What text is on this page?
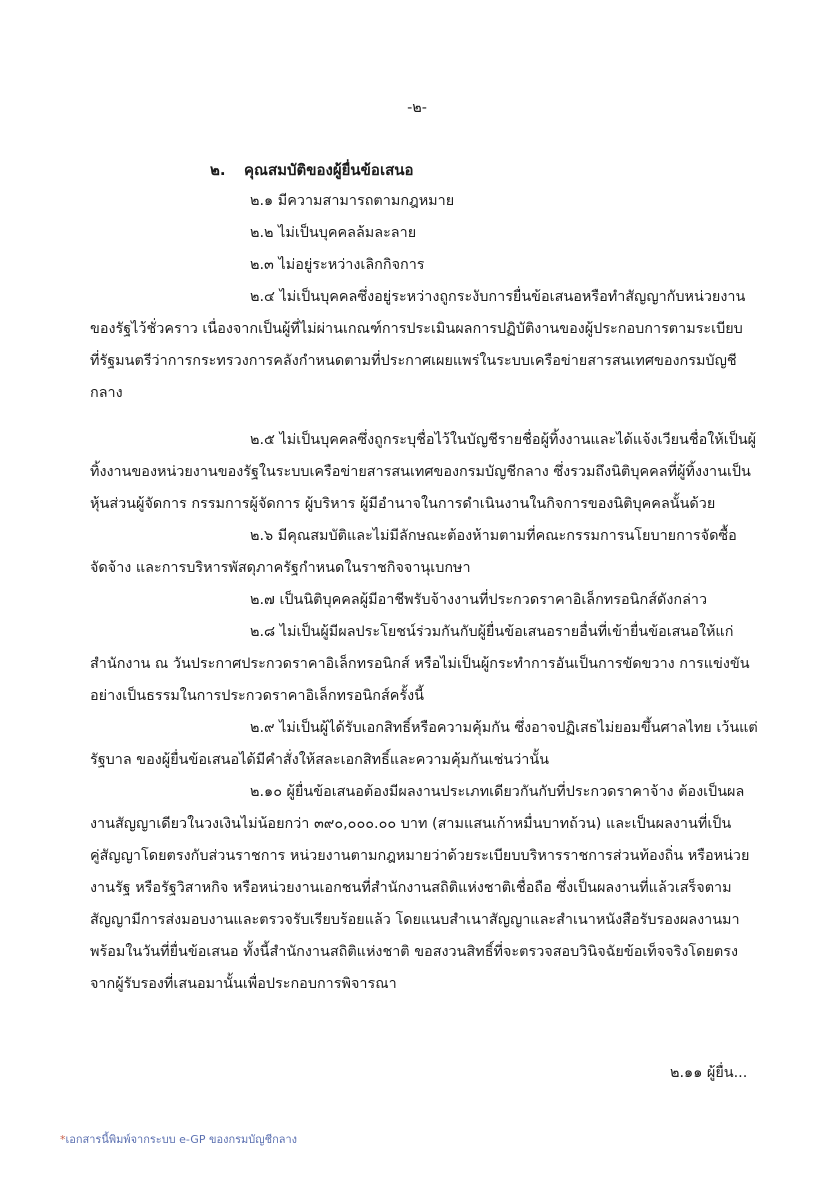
-๒-
๒. คุณสมบัติของผู้ยื่นข้อเสนอ
๒.๑ มีความสามารถตามกฎหมาย
๒.๒ ไม่เป็นบุคคลล้มละลาย
๒.๓ ไม่อยู่ระหว่างเลิกกิจการ
๒.๔ ไม่เป็นบุคคลซึ่งอยู่ระหว่างถูกระงับการยื่นข้อเสนอหรือทำสัญญากับหน่วยงาน
ของรัฐไว้ชั่วคราว เนื่องจากเป็นผู้ที่ไม่ผ่านเกณฑ์การประเมินผลการปฏิบัติงานของผู้ประกอบการตามระเบียบ
ที่รัฐมนตรีว่าการกระทรวงการคลังกำหนดตามที่ประกาศเผยแพร่ในระบบเครือข่ายสารสนเทศของกรมบัญชี
กลาง
๒.๕ ไม่เป็นบุคคลซึ่งถูกระบุชื่อไว้ในบัญชีรายชื่อผู้ทิ้งงานและได้แจ้งเวียนชื่อให้เป็นผู้
ทิ้งงานของหน่วยงานของรัฐในระบบเครือข่ายสารสนเทศของกรมบัญชีกลาง ซึ่งรวมถึงนิติบุคคลที่ผู้ทิ้งงานเป็น
หุ้นส่วนผู้จัดการ กรรมการผู้จัดการ ผู้บริหาร ผู้มีอำนาจในการดำเนินงานในกิจการของนิติบุคคลนั้นด้วย
๒.๖ มีคุณสมบัติและไม่มีลักษณะต้องห้ามตามที่คณะกรรมการนโยบายการจัดซื้อ
จัดจ้าง และการบริหารพัสดุภาครัฐกำหนดในราชกิจจานุเบกษา
๒.๗ เป็นนิติบุคคลผู้มีอาชีพรับจ้างงานที่ประกวดราคาอิเล็กทรอนิกส์ดังกล่าว
๒.๘ ไม่เป็นผู้มีผลประโยชน์ร่วมกันกับผู้ยื่นข้อเสนอรายอื่นที่เข้ายื่นข้อเสนอให้แก่
สำนักงาน ณ วันประกาศประกวดราคาอิเล็กทรอนิกส์ หรือไม่เป็นผู้กระทำการอันเป็นการขัดขวาง การแข่งขัน
อย่างเป็นธรรมในการประกวดราคาอิเล็กทรอนิกส์ครั้งนี้
๒.๙ ไม่เป็นผู้ได้รับเอกสิทธิ์หรือความคุ้มกัน ซึ่งอาจปฏิเสธไม่ยอมขึ้นศาลไทย เว้นแต่
รัฐบาล ของผู้ยื่นข้อเสนอได้มีคำสั่งให้สละเอกสิทธิ์และความคุ้มกันเช่นว่านั้น
๒.๑๐ ผู้ยื่นข้อเสนอต้องมีผลงานประเภทเดียวกันกับที่ประกวดราคาจ้าง ต้องเป็นผล
งานสัญญาเดียวในวงเงินไม่น้อยกว่า ๓๙๐,๐๐๐.๐๐ บาท (สามแสนเก้าหมื่นบาทถ้วน) และเป็นผลงานที่เป็น
คู่สัญญาโดยตรงกับส่วนราชการ หน่วยงานตามกฎหมายว่าด้วยระเบียบบริหารราชการส่วนท้องถิ่น หรือหน่วย
งานรัฐ หรือรัฐวิสาหกิจ หรือหน่วยงานเอกชนที่สำนักงานสถิติแห่งชาติเชื่อถือ ซึ่งเป็นผลงานที่แล้วเสร็จตาม
สัญญามีการส่งมอบงานและตรวจรับเรียบร้อยแล้ว โดยแนบสำเนาสัญญาและสำเนาหนังสือรับรองผลงานมา
พร้อมในวันที่ยื่นข้อเสนอ ทั้งนี้สำนักงานสถิติแห่งชาติ ขอสงวนสิทธิ์ที่จะตรวจสอบวินิจฉัยข้อเท็จจริงโดยตรง
จากผู้รับรองที่เสนอมานั้นเพื่อประกอบการพิจารณา
๒.๑๑ ผู้ยื่น...
*เอกสารนี้พิมพ์จากระบบ e-GP ของกรมบัญชีกลาง
